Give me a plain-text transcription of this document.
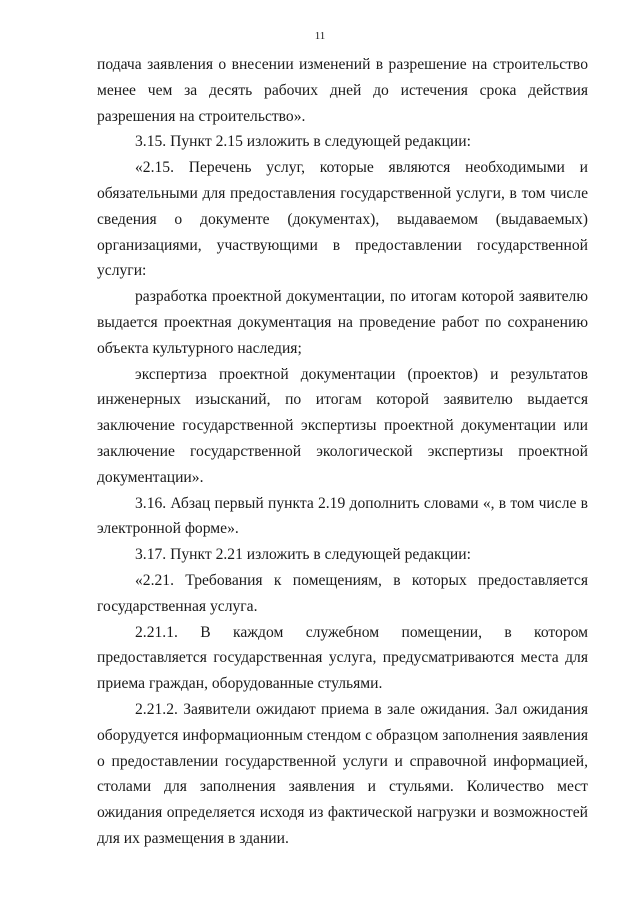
11

подача заявления о внесении изменений в разрешение на строительство менее чем за десять рабочих дней до истечения срока действия разрешения на строительство».

3.15. Пункт 2.15 изложить в следующей редакции:

«2.15. Перечень услуг, которые являются необходимыми и обязательными для предоставления государственной услуги, в том числе сведения о документе (документах), выдаваемом (выдаваемых) организациями, участвующими в предоставлении государственной услуги:

разработка проектной документации, по итогам которой заявителю выдается проектная документация на проведение работ по сохранению объекта культурного наследия;

экспертиза проектной документации (проектов) и результатов инженерных изысканий, по итогам которой заявителю выдается заключение государственной экспертизы проектной документации или заключение государственной экологической экспертизы проектной документации».

3.16. Абзац первый пункта 2.19 дополнить словами «, в том числе в электронной форме».

3.17. Пункт 2.21 изложить в следующей редакции:

«2.21. Требования к помещениям, в которых предоставляется государственная услуга.

2.21.1. В каждом служебном помещении, в котором предоставляется государственная услуга, предусматриваются места для приема граждан, оборудованные стульями.

2.21.2. Заявители ожидают приема в зале ожидания. Зал ожидания оборудуется информационным стендом с образцом заполнения заявления о предоставлении государственной услуги и справочной информацией, столами для заполнения заявления и стульями. Количество мест ожидания определяется исходя из фактической нагрузки и возможностей для их размещения в здании.
